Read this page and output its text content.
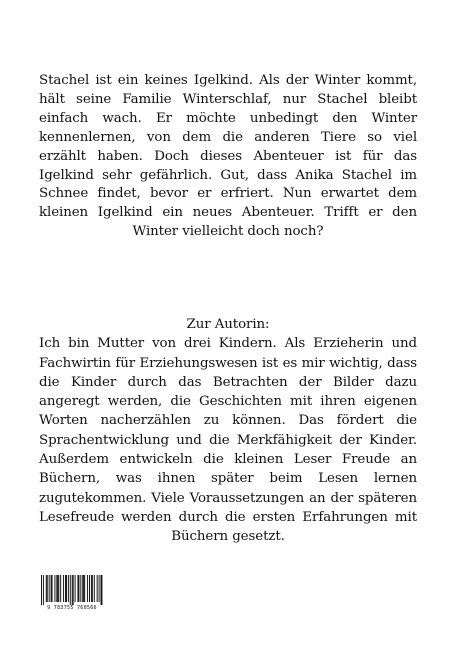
Stachel ist ein keines Igelkind. Als der Winter kommt, hält seine Familie Winterschlaf, nur Stachel bleibt einfach wach. Er möchte unbedingt den Winter kennenlernen, von dem die anderen Tiere so viel erzählt haben. Doch dieses Abenteuer ist für das Igelkind sehr gefährlich. Gut, dass Anika Stachel im Schnee findet, bevor er erfriert. Nun erwartet dem kleinen Igelkind ein neues Abenteuer. Trifft er den Winter vielleicht doch noch?
Zur Autorin:
Ich bin Mutter von drei Kindern. Als Erzieherin und Fachwirtin für Erziehungswesen ist es mir wichtig, dass die Kinder durch das Betrachten der Bilder dazu angeregt werden, die Geschichten mit ihren eigenen Worten nacherzählen zu können. Das fördert die Sprachentwicklung und die Merkfähigkeit der Kinder. Außerdem entwickeln die kleinen Leser Freude an Büchern, was ihnen später beim Lesen lernen zugutekommen. Viele Voraussetzungen an der späteren Lesefreude werden durch die ersten Erfahrungen mit Büchern gesetzt.
9 783755 760566
